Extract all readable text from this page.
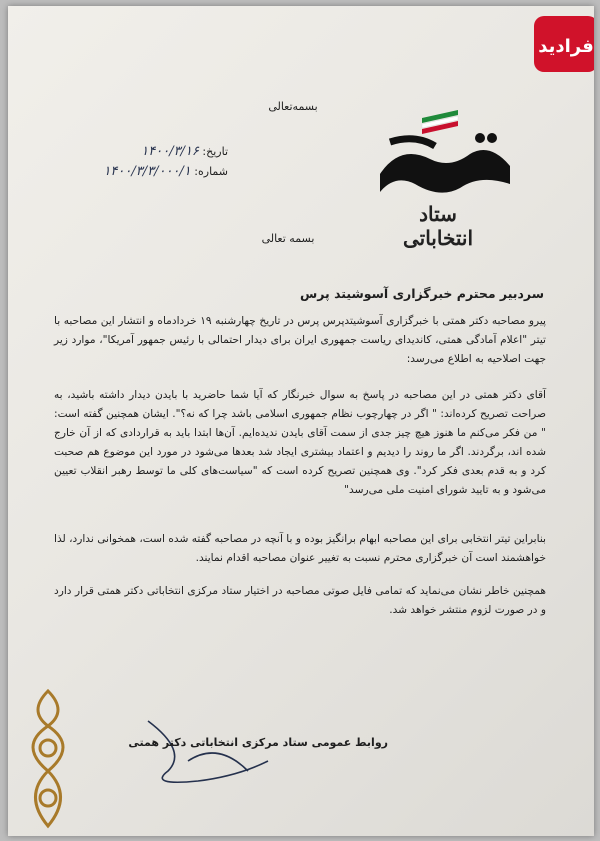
فرادید
بسمه‌تعالی
ستاد انتخاباتی
تاریخ: ۱۴۰۰/۳/۱۶
شماره: ۱۴۰۰/۳/۳/۰۰۰/۱
بسمه تعالی
سردبیر محترم خبرگزاری آسوشیتد پرس
پیرو مصاحبه دکتر همتی با خبرگزاری آسوشیتدپرس پرس در تاریخ چهارشنبه ۱۹ خردادماه و انتشار این مصاحبه با تیتر "اعلام آمادگی همتی، کاندیدای ریاست جمهوری ایران برای دیدار احتمالی با رئیس جمهور آمریکا"، موارد زیر جهت اصلاحیه به اطلاع می‌رسد:
آقای دکتر همتی در این مصاحبه در پاسخ به سوال خبرنگار که آیا شما حاضرید با بایدن دیدار داشته باشید، به صراحت تصریح کرده‌اند: " اگر در چهارچوب نظام جمهوری اسلامی باشد چرا که نه؟". ایشان همچنین گفته است: " من فکر می‌کنم ما هنوز هیچ چیز جدی از سمت آقای بایدن ندیده‌ایم. آن‌ها ابتدا باید به قراردادی که از آن خارج شده اند، برگردند. اگر ما روند را دیدیم و اعتماد بیشتری ایجاد شد بعدها می‌شود در مورد این موضوع هم صحبت کرد و به قدم بعدی فکر کرد". وی همچنین تصریح کرده است که "سیاست‌های کلی ما توسط رهبر انقلاب تعیین می‌شود و به تایید شورای امنیت ملی می‌رسد"
بنابراین تیتر انتخابی برای این مصاحبه ابهام برانگیز بوده و با آنچه در مصاحبه گفته شده است، همخوانی ندارد، لذا خواهشمند است آن خبرگزاری محترم نسبت به تغییر عنوان مصاحبه اقدام نمایند.
همچنین خاطر نشان می‌نماید که تمامی فایل صوتی مصاحبه در اختیار ستاد مرکزی انتخاباتی دکتر همتی قرار دارد و در صورت لزوم منتشر خواهد شد.
روابط عمومی ستاد مرکزی انتخاباتی دکتر همتی
